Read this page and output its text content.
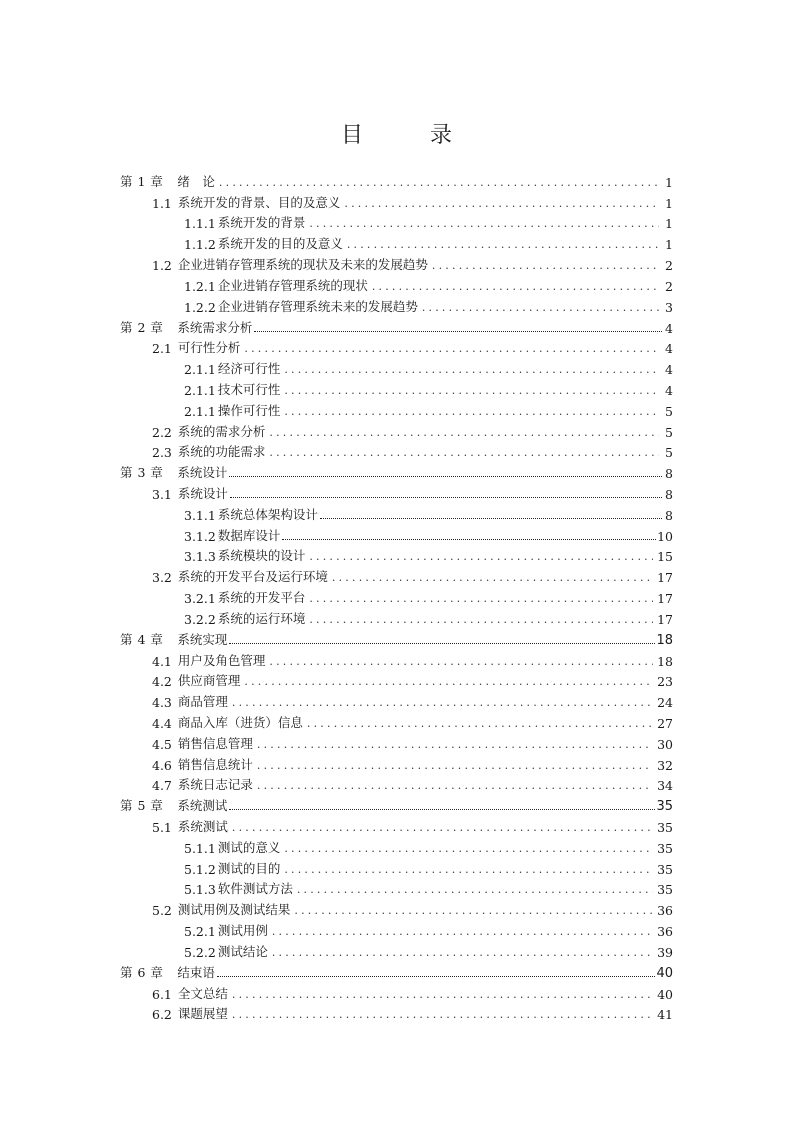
目 录
第 1 章 绪　论 .....	1
1.1 系统开发的背景、目的及意义 .....	1
1.1.1 系统开发的背景 .....	1
1.1.2 系统开发的目的及意义 .....	1
1.2 企业进销存管理系统的现状及未来的发展趋势 .....	2
1.2.1 企业进销存管理系统的现状 .....	2
1.2.2 企业进销存管理系统未来的发展趋势 .....	3
第 2 章 系统需求分析	4
2.1 可行性分析 .....	4
2.1.1 经济可行性 .....	4
2.1.1 技术可行性 .....	4
2.1.1 操作可行性 .....	5
2.2 系统的需求分析 .....	5
2.3 系统的功能需求 .....	5
第 3 章 系统设计	8
3.1 系统设计	8
3.1.1 系统总体架构设计	8
3.1.2 数据库设计	10
3.1.3 系统模块的设计 .....	15
3.2 系统的开发平台及运行环境 .....	17
3.2.1 系统的开发平台 .....	17
3.2.2 系统的运行环境 .....	17
第 4 章 系统实现	18
4.1 用户及角色管理 .....	18
4.2 供应商管理 .....	23
4.3 商品管理 .....	24
4.4 商品入库（进货）信息 .....	27
4.5 销售信息管理 .....	30
4.6 销售信息统计 .....	32
4.7 系统日志记录 .....	34
第 5 章 系统测试	35
5.1 系统测试 .....	35
5.1.1 测试的意义 .....	35
5.1.2 测试的目的 .....	35
5.1.3 软件测试方法 .....	35
5.2 测试用例及测试结果 .....	36
5.2.1 测试用例 .....	36
5.2.2 测试结论 .....	39
第 6 章 结束语	40
6.1 全文总结 .....	40
6.2 课题展望 .....	41
